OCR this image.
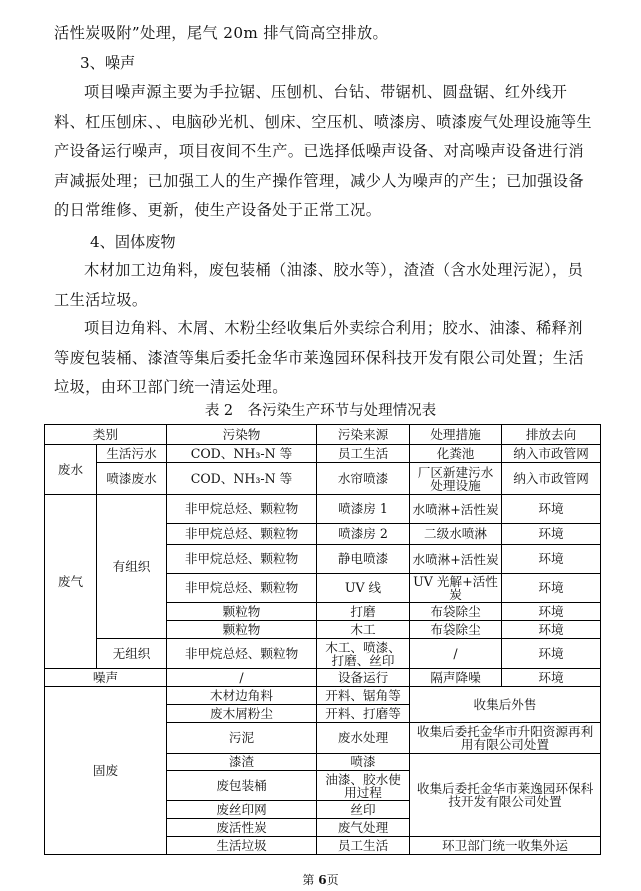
活性炭吸附”处理，尾气 20m 排气筒高空排放。

3、噪声

项目噪声源主要为手拉锯、压刨机、台钻、带锯机、圆盘锯、红外线开料、杠压刨床、、电脑砂光机、刨床、空压机、喷漆房、喷漆废气处理设施等生产设备运行噪声，项目夜间不生产。已选择低噪声设备、对高噪声设备进行消声减振处理；已加强工人的生产操作管理，减少人为噪声的产生；已加强设备的日常维修、更新，使生产设备处于正常工况。

4、固体废物

木材加工边角料，废包装桶（油漆、胶水等），渣渣（含水处理污泥），员工生活垃圾。

项目边角料、木屑、木粉尘经收集后外卖综合利用；胶水、油漆、稀释剂等废包装桶、漆渣等集后委托金华市莱逸园环保科技开发有限公司处置；生活垃圾，由环卫部门统一清运处理。

表 2　各污染生产环节与处理情况表
类别		污染物	污染来源	处理措施	排放去向
废水	生活污水	COD、NH₃-N 等	员工生活	化粪池	纳入市政管网
	喷漆废水	COD、NH₃-N 等	水帘喷漆	厂区新建污水处理设施	纳入市政管网
废气	有组织	非甲烷总烃、颗粒物	喷漆房 1	水喷淋+活性炭	环境
		非甲烷总烃、颗粒物	喷漆房 2	二级水喷淋	环境
		非甲烷总烃、颗粒物	静电喷漆	水喷淋+活性炭	环境
		非甲烷总烃、颗粒物	UV 线	UV 光解+活性炭	环境
		颗粒物	打磨	布袋除尘	环境
		颗粒物	木工	布袋除尘	环境
	无组织	非甲烷总烃、颗粒物	木工、喷漆、打磨、丝印	/	环境
噪声		/	设备运行	隔声降噪	环境
固废		木材边角料	开料、锯角等	收集后外售	
		废木屑粉尘	开料、打磨等		
		污泥	废水处理	收集后委托金华市升阳资源再利用有限公司处置	
		漆渣	喷漆	收集后委托金华市莱逸园环保科技开发有限公司处置	
		废包装桶	油漆、胶水使用过程		
		废丝印网	丝印		
		废活性炭	废气处理		
		生活垃圾	员工生活	环卫部门统一收集外运	
第 6页
